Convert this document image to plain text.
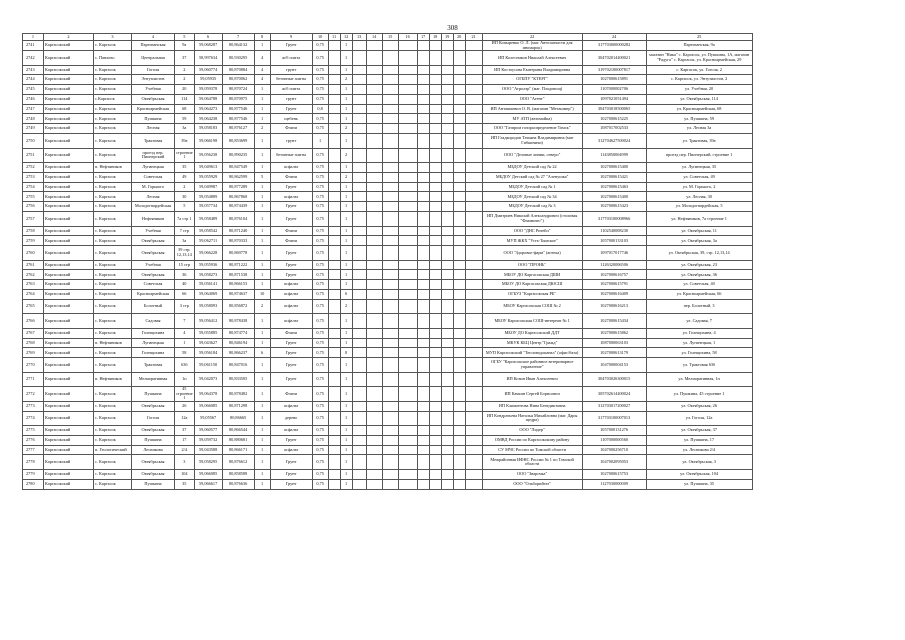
308
1	2	3	4	5	6	7	8	9	10	11	12	13	14	15	16	17	18	19	20	21	22	24	25
2741	Каргасокский	с. Каргасок	Партизанская	9а	59,068287	80,864132	1	Грунт	0,75		1										ИП Копыренко О. Л. (маг. Автозапчасти для иномарок)	317703000000282	Партизанская, 9а
2742	Каргасокский	с. Павлово	Центральная	37	58,997634	80,930295	4	ж/б плита	0,75		1										ИП Колесников Николай Алексеевич	304702014400021	магазин "Ника" с. Каргасок, ул. Пушкина, 1А, магазин "Радуга" с. Каргасок, ул. Красноармейская, 29
2743	Каргасокский	с. Каргасок	Гоголя	2	59,060774	80,870884	4	грунт	0,75		1										ИП Костоусова Екатерина Владимировна	319702100007817	с. Каргасок, ул. Гоголя, 2
2744	Каргасокский	с. Каргасок	Энтузиастов	2	59,05935	80,870062	4	бетонные плиты	0,75		2										ОГБПУ "КТЕРГ"	1027000615891	с. Каргасок, ул. Энтузиастов, 2
2745	Каргасокский	с. Каргасок	Учебная	20	59,059378	80,870724	1	ж/б плита	0,75		1										ООО "Агролэр" (маг. Плодовощ)	1107000002706	ул. Учебная, 20
2746	Каргасокский	с.Каргасок	Октябрьская	114	59,064788	80,870975	1	грунт	0,75		1										ООО "Агент"	1097021051494	ул. Октябрьская, 114
2747	Каргасокский	с. Каргасок	Красноармейская	68	59,064273	80,877546	1	Грунт	0,8		1										ИП Анташкевич О. В. (магазин "Меташмер")	304703018500065	ул. Красноармейская, 68
2748	Каргасокский	с. Каргасок	Пушкина	59	59,064238	80,877546	1	щебень	0,75		1										МУ АТП (автомойка)	1027000615225	ул. Пушкина, 59
2749	Каргасокский	с. Каргасок	Лесная	3а	59,058183	80,876127	2	Флизи	0,75		2										ООО "Газпром газораспределение Томск"	1087017002533	ул. Лесная 3а
2750	Каргасокский	с. Каргасок	Трактовая	39а	59,066198	80,853699	1	грунт	1		1										ИП Гладкородов Татьяна Владимировна (маг Гибкиничи)	312704627500024	ул. Трактовая, 39а
2751	Каргасокский	с. Каргасок	проезд пер. Пионерский	строение 1	59,056238	80,890235	1	бетонные плиты	0,75		2										ООО "Деловые линии, северо"	1143850004999	проезд пер. Пионерский, строение 1
2752	Каргасокский	п. Нефтяников	Лугинецкая	35	59,049613	80,847549	1	асфальт	0,75		1										МБДОУ Детский сад № 22	1027000615400	ул. Лугинецкая, 35
2753	Каргасокский	с. Каргасок	Советская	49	59,055929	80,862599	5	Флизи	0,75		2										МБДОУ Детский сад № 27 "Аленушка"	1027000615421	ул. Советская, 49
2754	Каргасокский	с. Каргасок	М. Горького	2	59,049987	80,877289	1	Грунт	0,75		1										МБДОУ Детский сад № 1	1027000615463	ул. М. Горького, 2
2755	Каргасокский	с. Каргасок	Лесная	30	59,054889	80,867868	1	асфальт	0,75		1										МБДОУ Детский сад № 34	1027000615400	ул. Лесная, 30
2756	Каргасокский	с. Каргасок	Молодогвардейская	5	59,057734	80,874439	1	Грунт	0,75		1										МБДОУ Детский сад № 3	1027000615423	ул. Молодогвардейская, 5
2757	Каргасокский	с. Каргасок	Нефтяников	7а стр 1	59,058489	80,876104	1	Грунт	0,75		1										ИП Дмитриев Николай Александрович (столовая "Фламинго")	317703100008966	ул. Нефтяников, 7а строение 1
2758	Каргасокский	с. Каргасок	Учебная	7 стр	59,058542	80,871240	1	Флизи	0,75		1										ООО "ДНС Ритейл"	1102540008230	ул. Октябрьская, 11
2759	Каргасокский	с. Каргасок	Октябрьская	3а	59,062711	80,870333	1	Флизи	0,75		1										МУП ЖКХ "Усть-Тымское"	1057000133103	ул. Октябрьская, 3а
2760	Каргасокский	с. Каргасок	Октябрьская	39 стр. 12,13,14	59,066228	80,869778	1	Грунт	0,75		1										ООО "Здоровье-фарм" (аптека)	1097017017746	ул. Октябрьская, 39, стр. 12,13,14
2761	Каргасокский	с. Каргасок	Учебная	15 стр	59,055936	80,871222	1	Грунт	0,75		1										ООО "ПРОНЬ"	1126320006506	ул. Октябрьская, 23
2762	Каргасокский	с. Каргасок	Октябрьская	36	59,058273	80,871538	1	Грунт	0,75		1										МБОУ ДО Каргасокская ДШИ	1027000616757	ул. Октябрьская, 36
2763	Каргасокский	с. Каргасок	Советская	40	59,056141	80,866153	1	асфальт	0,75		1										МБОУ ДО Каргасокская ДЮСШ	1027000615791	ул. Советская, 40
2764	Каргасокский	с. Каргасок	Красноармейская	66	59,064069	80,874637	10	асфальт	0,75		6										ОГБУЗ "Каргасокская РБ"	1027000616409	ул. Красноармейская, 66
2765	Каргасокский	с. Каргасок	Болотный	3 стр	59,058093	80,856872	2	асфальт	0,75		2										МБОУ Каргасокская СОШ № 2	1027000616213	пер. Болотный, 3
2766	Каргасокский	с. Каргасок	Садовая	7	59,056412	80,878438	1	асфальт	0,75		1										МБОУ Каргасокская СОШ-интернат № 1	1027000615434	ул. Садовая, 7
2767	Каргасокский	с. Каргасок	Голещихина	4	59,055885	80,874774	1	Флизи	0,75		1										МБОУ ДО Каргасокский ДДТ	1027000615862	ул. Голещихина, 4
2768	Каргасокский	п. Нефтяников	Лугинецкая	1	59,043627	80,846194	1	Грунт	0,75		1										МКУК КБЦ Центр "Гражд"	1087000063103	ул. Лугинецкая, 1
2769	Каргасокский	с. Каргасок	Голещихина	58	59,056184	80,866237	6	Грунт	0,75		8										МУП Каргасокский "Тепловодоканал" (офис/база)	1027000613179	ул. Голещихина, 58
2770	Каргасокский	с. Каргасок	Трактовая	63б	59,061150	80,847016	1	Грунт	0,75		1										ОГБУ "Каргасокское районное ветеринарное управление"	1047000004153	ул. Трактовая 63б
2771	Каргасокский	п. Нефтяников	Мелиоративная	1п	59,042073	80,833505	1	Грунт	0,75		1										ИП Козин Иван Алексеевич	304703026300015	ул. Мелиоративная, 1п
2772	Каргасокский	с. Каргасок	Пушкина	45 строение 1	59,064378	80,878482	1	Флизи	0,75		1										ИП Качкин Сергей Борисович	305702614400024	ул. Пушкина, 45 строение 1
2773	Каргасокский	с. Каргасок	Октябрьская	26	59,066085	80,871298	1	асфальт	0,75		1										ИП Климонтова Нина Бенедиктовна	312703017200027	ул. Октябрьская, 26
2774	Каргасокский	с. Каргасок	Гоголя	12а	59,05567	80,86665	1	дерево	0,75		1										ИП Кондратьева Наталья Михайловна (маг. Дары щедра)	317703100007013	ул. Гоголя, 12а
2775	Каргасокский	с. Каргасок	Октябрьская	37	59,060577	80,866544	1	асфальт	0,75		1										ООО "Лидер"	1057000131276	ул. Октябрьская, 37
2776	Каргасокский	с. Каргасок	Пушкина	17	59,059732	80,880681	1	Грунт	0,75		1										ОМВД России по Каргасокскому району	1107000000560	ул. Пушкина, 17
2777	Каргасокский	п. Геологический	Лесникова	2/4	59,043588	80,866171	1	асфальт	0,75		1										СУ МЧС России по Томской области	1047000256710	ул. Лесникова 2/4
2778	Каргасокский	с. Каргасок	Октябрьская	3	59,058295	80,876612	1	Грунт	0,75		1										Межрайонная ИФНС России № 1 по Томской области	1047002095053	ул. Октябрьская, 3
2779	Каргасокский	с. Каргасок	Октябрьская	104	59,066085	80,858588	1	Грунт	0,75		1										ООО "Зварочка"	1027000615753	ул. Октябрьская, 104
2780	Каргасокский	с. Каргасок	Пушкина	35	59,066617	80,876636	1	Грунт	0,75		1										ООО "Ольборийгаз"	1127030000009	ул. Пушкина, 35
